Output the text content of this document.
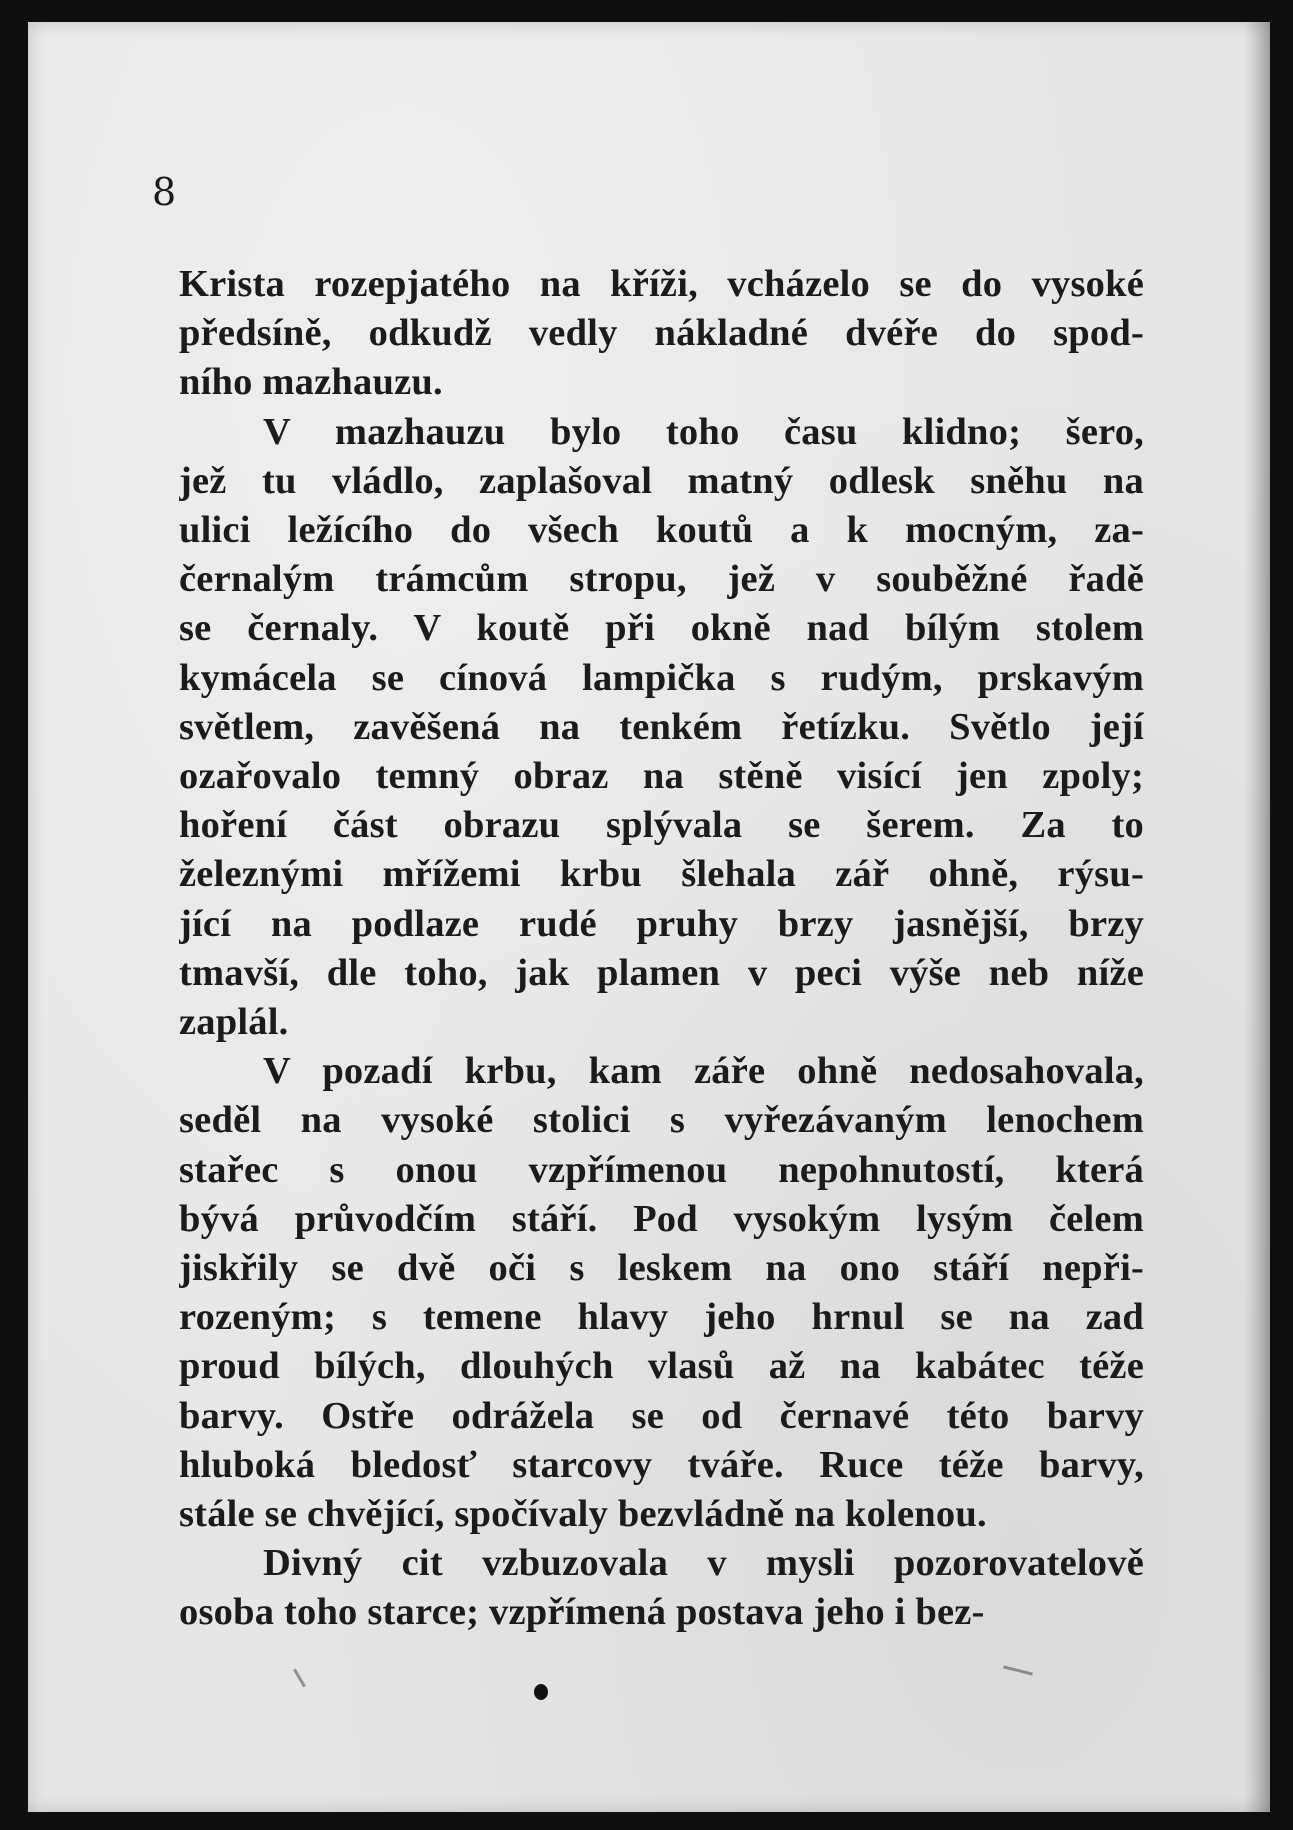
8

Krista rozepjatého na kříži, vcházelo se do vysoké
předsíně, odkudž vedly nákladné dvéře do spod-
ního mazhauzu.
V mazhauzu bylo toho času klidno; šero,
jež tu vládlo, zaplašoval matný odlesk sněhu na
ulici ležícího do všech koutů a k mocným, za-
černalým trámcům stropu, jež v souběžné řadě
se černaly. V koutě při okně nad bílým stolem
kymácela se cínová lampička s rudým, prskavým
světlem, zavěšená na tenkém řetízku. Světlo její
ozařovalo temný obraz na stěně visící jen zpoly;
hoření část obrazu splývala se šerem. Za to
železnými mřížemi krbu šlehala zář ohně, rýsu-
jící na podlaze rudé pruhy brzy jasnější, brzy
tmavší, dle toho, jak plamen v peci výše neb níže
zaplál.
V pozadí krbu, kam záře ohně nedosahovala,
seděl na vysoké stolici s vyřezávaným lenochem
stařec s onou vzpřímenou nepohnutostí, která
bývá průvodčím stáří. Pod vysokým lysým čelem
jiskřily se dvě oči s leskem na ono stáří nepři-
rozeným; s temene hlavy jeho hrnul se na zad
proud bílých, dlouhých vlasů až na kabátec téže
barvy. Ostře odrážela se od černavé této barvy
hluboká bledosť starcovy tváře. Ruce téže barvy,
stále se chvějící, spočívaly bezvládně na kolenou.
Divný cit vzbuzovala v mysli pozorovatelově
osoba toho starce; vzpřímená postava jeho i bez-
